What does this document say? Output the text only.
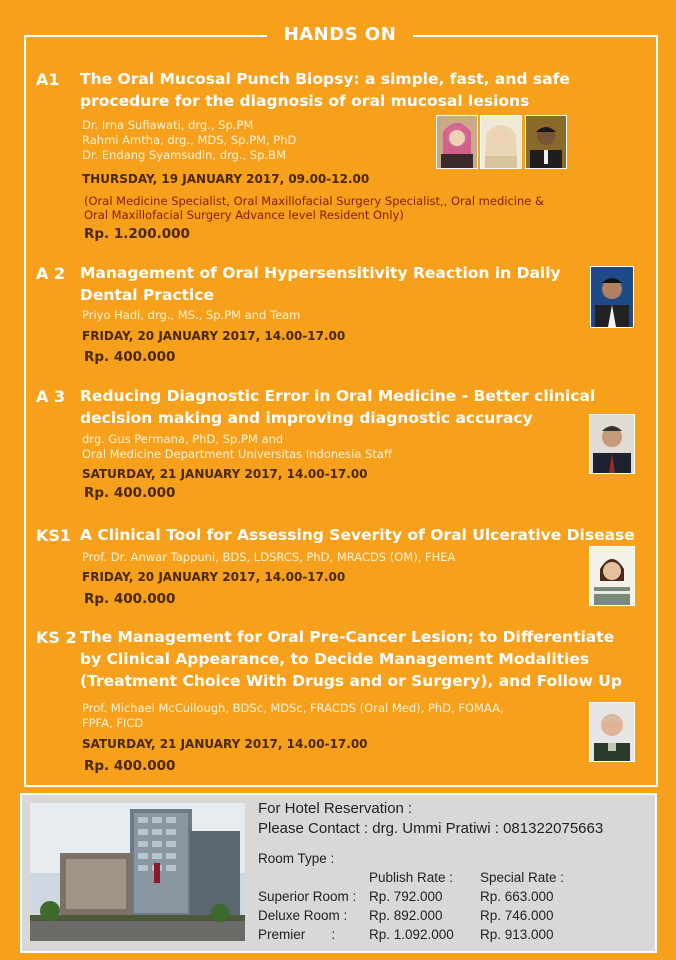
HANDS ON
A1 The Oral Mucosal Punch Biopsy: a simple, fast, and safe
procedure for the diagnosis of oral mucosal lesions
Dr. Irna Sufiawati, drg., Sp.PM
Rahmi Amtha, drg., MDS, Sp.PM, PhD
Dr. Endang Syamsudin, drg., Sp.BM
THURSDAY, 19 JANUARY 2017, 09.00-12.00
(Oral Medicine Specialist, Oral Maxillofacial Surgery Specialist,, Oral medicine &
Oral Maxillofacial Surgery Advance level Resident Only)
Rp. 1.200.000
A 2 Management of Oral Hypersensitivity Reaction in Daily
Dental Practice
Priyo Hadi, drg., MS., Sp.PM and Team
FRIDAY, 20 JANUARY 2017, 14.00-17.00
Rp. 400.000
A 3 Reducing Diagnostic Error in Oral Medicine - Better clinical
decision making and improving diagnostic accuracy
drg. Gus Permana, PhD, Sp.PM and
Oral Medicine Department Universitas Indonesia Staff
SATURDAY, 21 JANUARY 2017, 14.00-17.00
Rp. 400.000
KS1 A Clinical Tool for Assessing Severity of Oral Ulcerative Disease
Prof. Dr. Anwar Tappuni, BDS, LDSRCS, PhD, MRACDS (OM), FHEA
FRIDAY, 20 JANUARY 2017, 14.00-17.00
Rp. 400.000
KS 2 The Management for Oral Pre-Cancer Lesion; to Differentiate
by Clinical Appearance, to Decide Management Modalities
(Treatment Choice With Drugs and or Surgery), and Follow Up
Prof. Michael McCullough, BDSc, MDSc, FRACDS (Oral Med), PhD, FOMAA,
FPFA, FICD
SATURDAY, 21 JANUARY 2017, 14.00-17.00
Rp. 400.000
For Hotel Reservation :
Please Contact : drg. Ummi Pratiwi : 081322075663
Room Type :
Publish Rate : Special Rate :
Superior Room : Rp. 792.000	Rp. 663.000
Deluxe Room : Rp. 892.000	Rp. 746.000
Premier       : Rp. 1.092.000 Rp. 913.000
